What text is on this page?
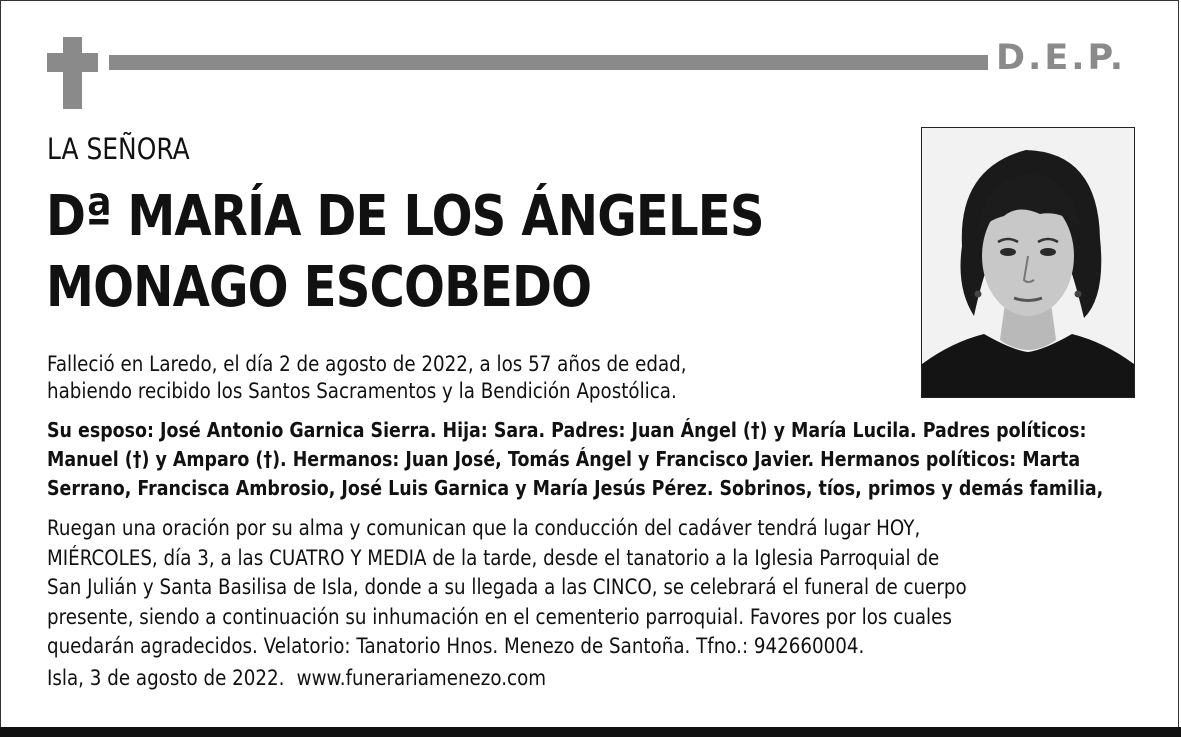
D.E.P.
LA SEÑORA
Dª MARÍA DE LOS ÁNGELES
MONAGO ESCOBEDO
Falleció en Laredo, el día 2 de agosto de 2022, a los 57 años de edad,
habiendo recibido los Santos Sacramentos y la Bendición Apostólica.
Su esposo: José Antonio Garnica Sierra. Hija: Sara. Padres: Juan Ángel (†) y María Lucila. Padres políticos:
Manuel (†) y Amparo (†). Hermanos: Juan José, Tomás Ángel y Francisco Javier. Hermanos políticos: Marta
Serrano, Francisca Ambrosio, José Luis Garnica y María Jesús Pérez. Sobrinos, tíos, primos y demás familia,
Ruegan una oración por su alma y comunican que la conducción del cadáver tendrá lugar HOY,
MIÉRCOLES, día 3, a las CUATRO Y MEDIA de la tarde, desde el tanatorio a la Iglesia Parroquial de
San Julián y Santa Basilisa de Isla, donde a su llegada a las CINCO, se celebrará el funeral de cuerpo
presente, siendo a continuación su inhumación en el cementerio parroquial. Favores por los cuales
quedarán agradecidos. Velatorio: Tanatorio Hnos. Menezo de Santoña. Tfno.: 942660004.
Isla, 3 de agosto de 2022. www.funerariamenezo.com
